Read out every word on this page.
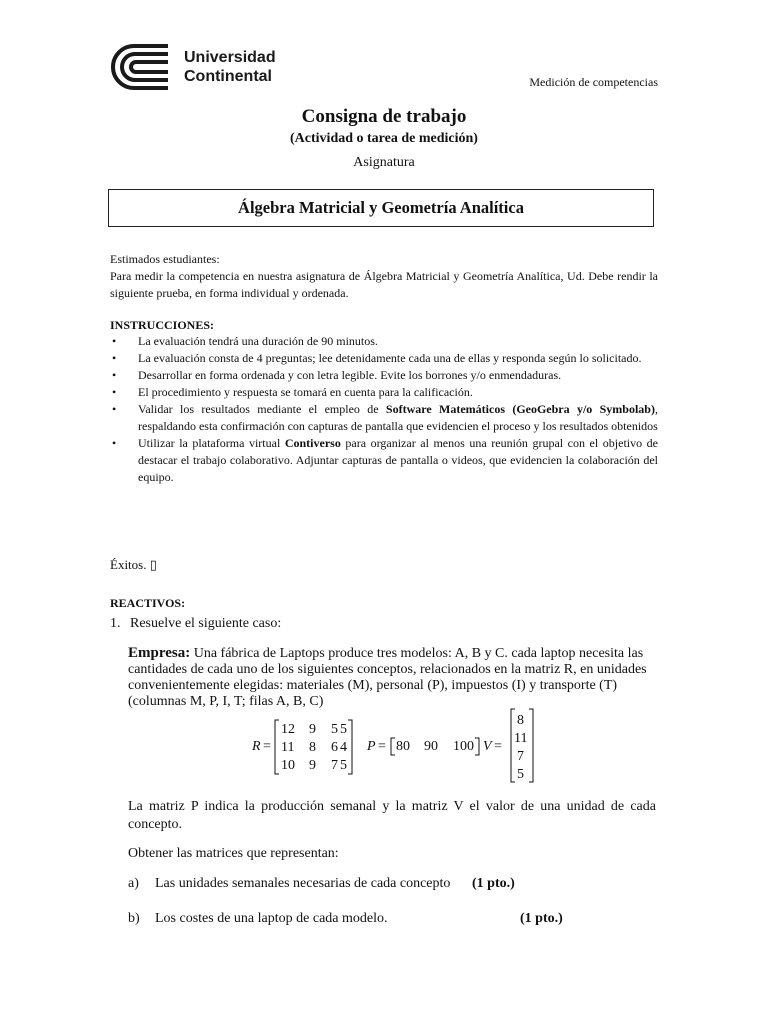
Universidad
Continental	Medición de competencias
Consigna de trabajo
(Actividad o tarea de medición)
Asignatura
Álgebra Matricial y Geometría Analítica
Estimados estudiantes:
Para medir la competencia en nuestra asignatura de Álgebra Matricial y Geometría Analítica, Ud. Debe rendir la siguiente prueba, en forma individual y ordenada.
INSTRUCCIONES:
• La evaluación tendrá una duración de 90 minutos.
• La evaluación consta de 4 preguntas; lee detenidamente cada una de ellas y responda según lo solicitado.
• Desarrollar en forma ordenada y con letra legible. Evite los borrones y/o enmendaduras.
• El procedimiento y respuesta se tomará en cuenta para la calificación.
• Validar los resultados mediante el empleo de Software Matemáticos (GeoGebra y/o Symbolab), respaldando esta confirmación con capturas de pantalla que evidencien el proceso y los resultados obtenidos
• Utilizar la plataforma virtual Contiverso para organizar al menos una reunión grupal con el objetivo de destacar el trabajo colaborativo. Adjuntar capturas de pantalla o videos, que evidencien la colaboración del equipo.
Éxitos. ▯
REACTIVOS:
1. Resuelve el siguiente caso:
Empresa: Una fábrica de Laptops produce tres modelos: A, B y C. cada laptop necesita las cantidades de cada uno de los siguientes conceptos, relacionados en la matriz R, en unidades convenientemente elegidas: materiales (M), personal (P), impuestos (I) y transporte (T) (columnas M, P, I, T; filas A, B, C)
R =
12 9 5 5
11 8 6 4
10 9 7 5
P = 80 90 100 V =
8
11
7
5
La matriz P indica la producción semanal y la matriz V el valor de una unidad de cada concepto.
Obtener las matrices que representan:
a) Las unidades semanales necesarias de cada concepto (1 pto.)
b) Los costes de una laptop de cada modelo.	(1 pto.)
